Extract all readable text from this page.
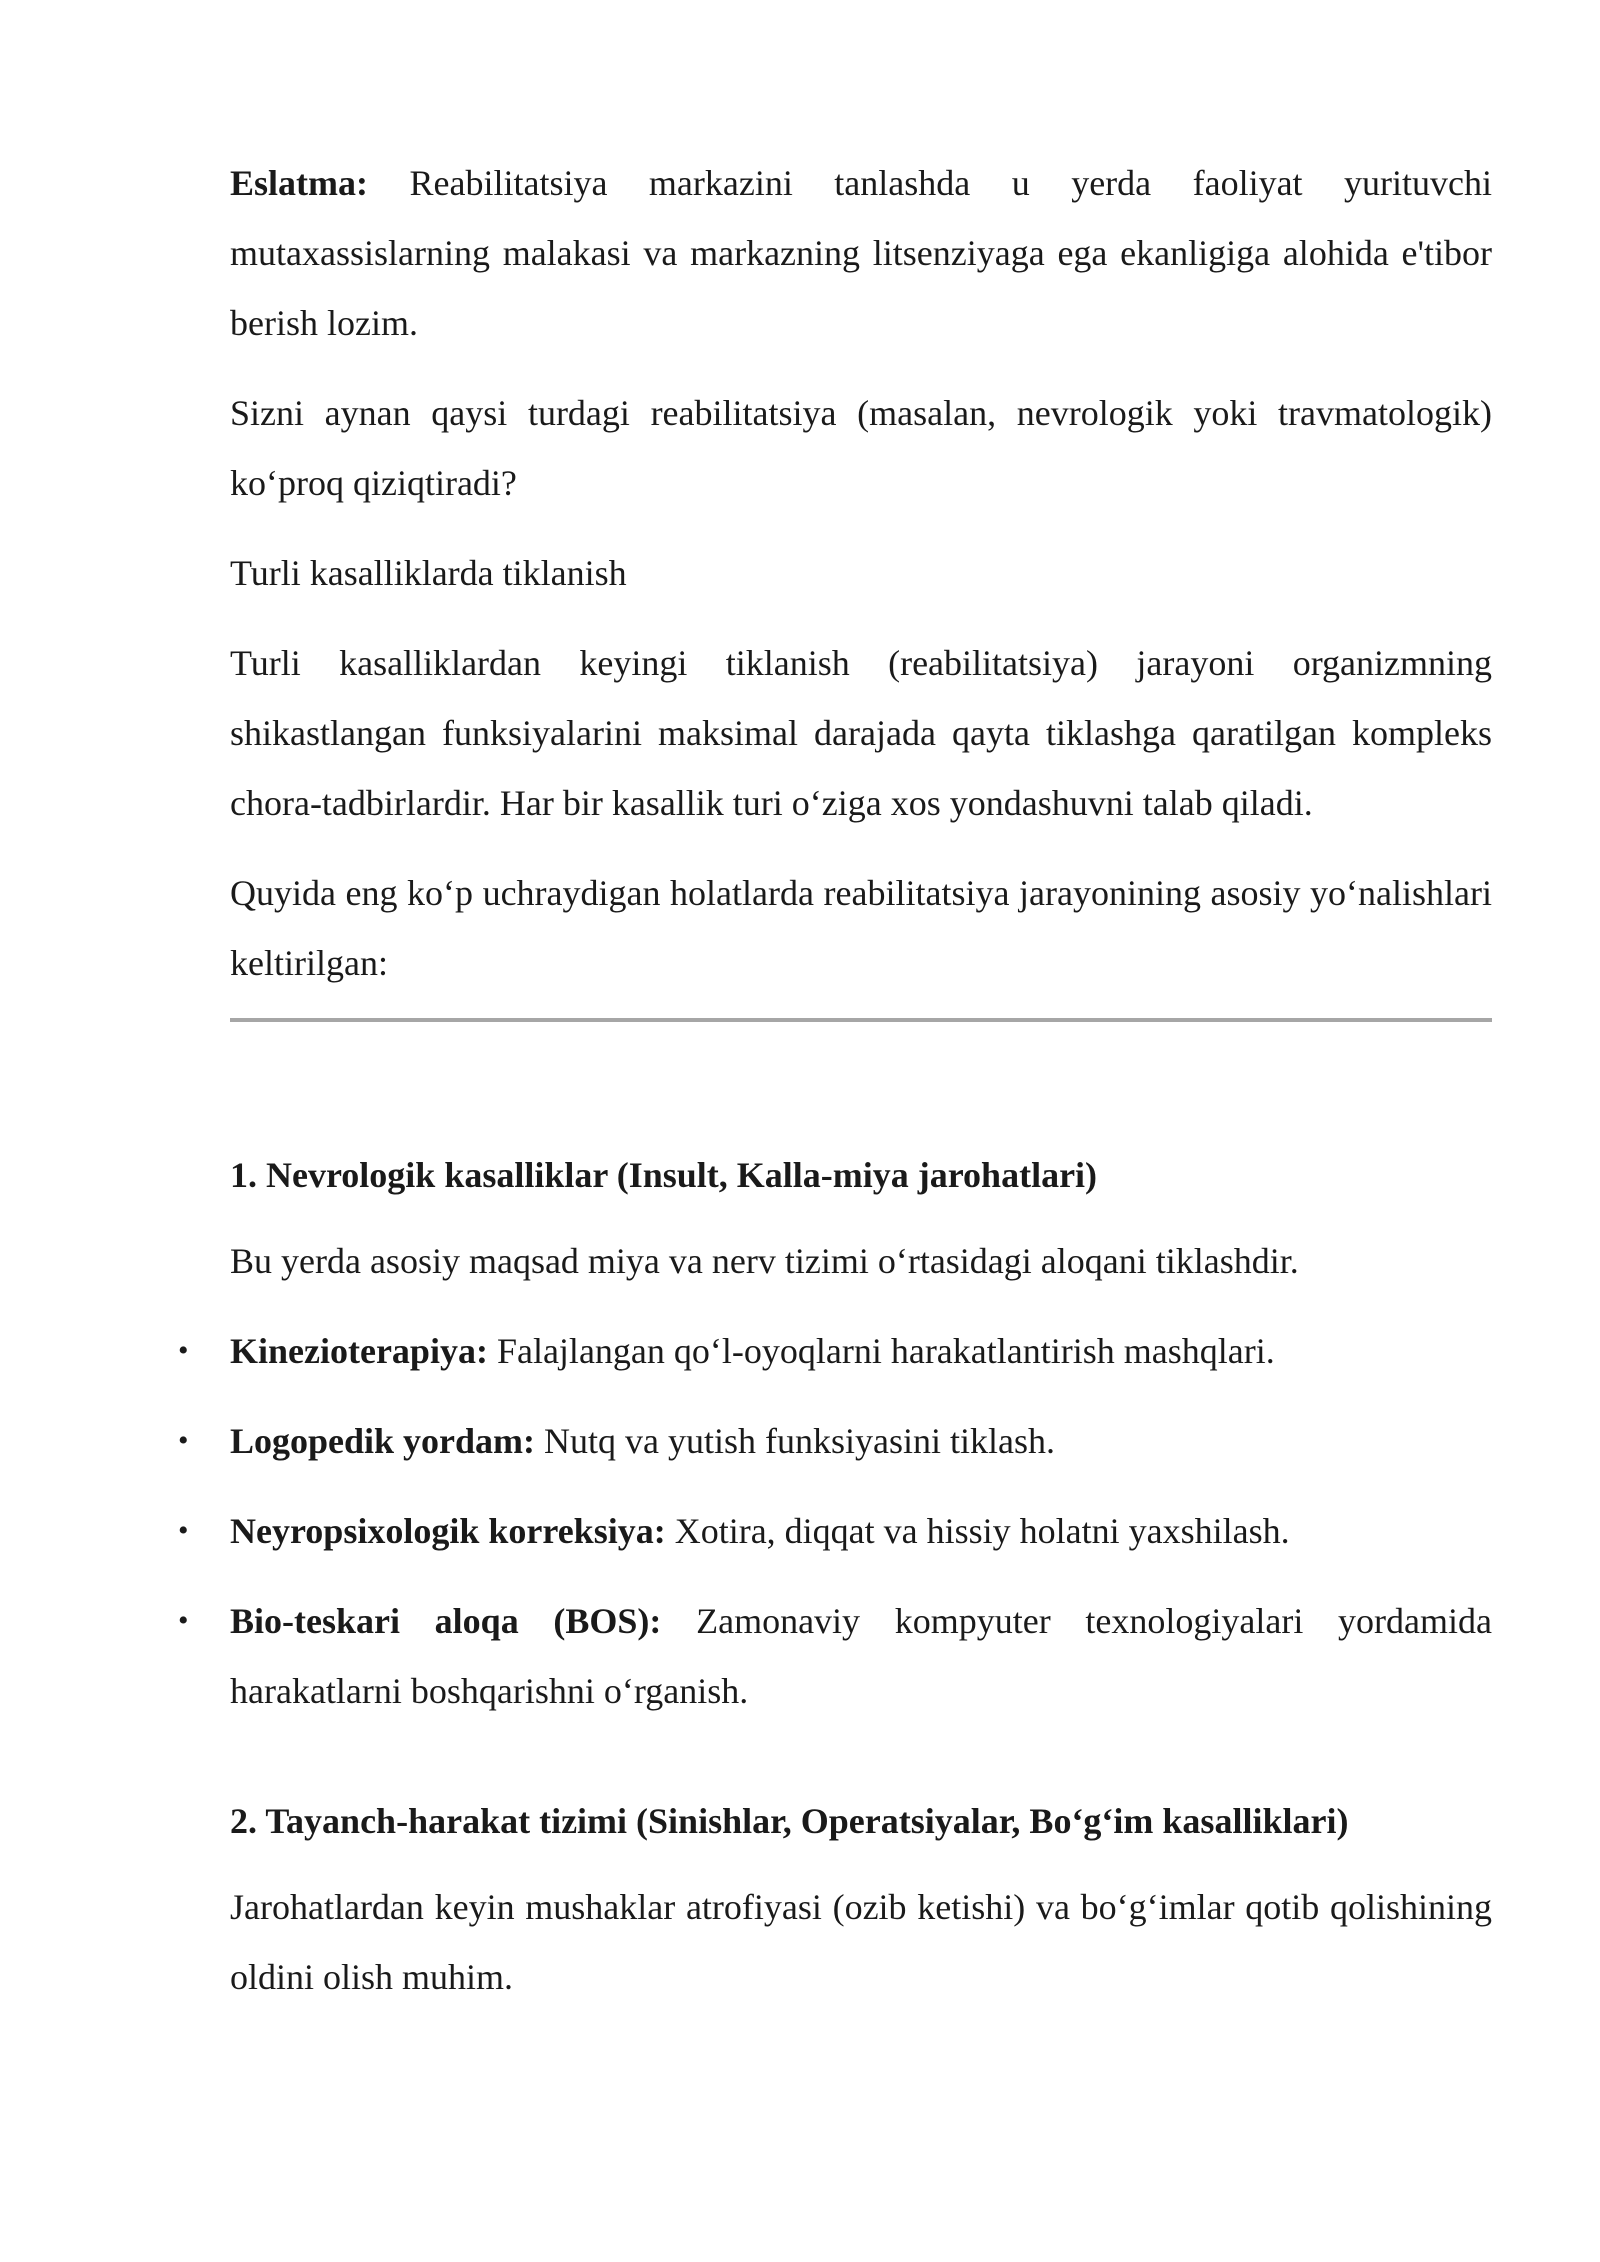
Eslatma: Reabilitatsiya markazini tanlashda u yerda faoliyat yurituvchi mutaxassislarning malakasi va markazning litsenziyaga ega ekanligiga alohida e'tibor berish lozim.

Sizni aynan qaysi turdagi reabilitatsiya (masalan, nevrologik yoki travmatologik) ko‘proq qiziqtiradi?

Turli kasalliklarda tiklanish

Turli kasalliklardan keyingi tiklanish (reabilitatsiya) jarayoni organizmning shikastlangan funksiyalarini maksimal darajada qayta tiklashga qaratilgan kompleks chora-tadbirlardir. Har bir kasallik turi o‘ziga xos yondashuvni talab qiladi.

Quyida eng ko‘p uchraydigan holatlarda reabilitatsiya jarayonining asosiy yo‘nalishlari keltirilgan:

1. Nevrologik kasalliklar (Insult, Kalla-miya jarohatlari)

Bu yerda asosiy maqsad miya va nerv tizimi o‘rtasidagi aloqani tiklashdir.

• Kinezioterapiya: Falajlangan qo‘l-oyoqlarni harakatlantirish mashqlari.
• Logopedik yordam: Nutq va yutish funksiyasini tiklash.
• Neyropsixologik korreksiya: Xotira, diqqat va hissiy holatni yaxshilash.
• Bio-teskari aloqa (BOS): Zamonaviy kompyuter texnologiyalari yordamida harakatlarni boshqarishni o‘rganish.

2. Tayanch-harakat tizimi (Sinishlar, Operatsiyalar, Bo‘g‘im kasalliklari)

Jarohatlardan keyin mushaklar atrofiyasi (ozib ketishi) va bo‘g‘imlar qotib qolishining oldini olish muhim.
